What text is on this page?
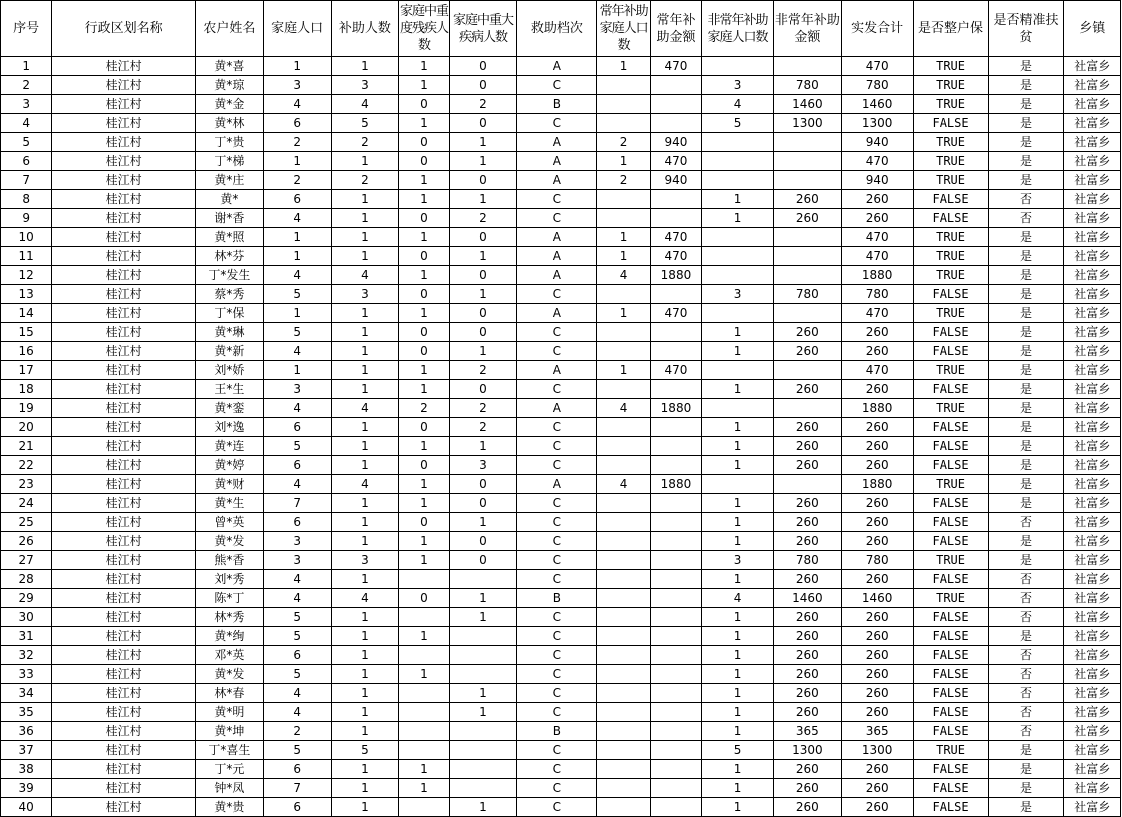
序号	行政区划名称	农户姓名	家庭人口	补助人数	家庭中重度残疾人数	家庭中重大疾病人数	救助档次	常年补助家庭人口数	常年补助金额	非常年补助家庭人口数	非常年补助金额	实发合计	是否整户保	是否精准扶贫	乡镇
1	桂江村	黄*喜	1	1	1	0	A	1	470			470	TRUE	是	社富乡
2	桂江村	黄*琼	3	3	1	0	C			3	780	780	TRUE	是	社富乡
3	桂江村	黄*金	4	4	0	2	B			4	1460	1460	TRUE	是	社富乡
4	桂江村	黄*林	6	5	1	0	C			5	1300	1300	FALSE	是	社富乡
5	桂江村	丁*贵	2	2	0	1	A	2	940			940	TRUE	是	社富乡
6	桂江村	丁*梯	1	1	0	1	A	1	470			470	TRUE	是	社富乡
7	桂江村	黄*庄	2	2	1	0	A	2	940			940	TRUE	是	社富乡
8	桂江村	黄*	6	1	1	1	C			1	260	260	FALSE	否	社富乡
9	桂江村	谢*香	4	1	0	2	C			1	260	260	FALSE	否	社富乡
10	桂江村	黄*照	1	1	1	0	A	1	470			470	TRUE	是	社富乡
11	桂江村	林*芬	1	1	0	1	A	1	470			470	TRUE	是	社富乡
12	桂江村	丁*发生	4	4	1	0	A	4	1880			1880	TRUE	是	社富乡
13	桂江村	蔡*秀	5	3	0	1	C			3	780	780	FALSE	是	社富乡
14	桂江村	丁*保	1	1	1	0	A	1	470			470	TRUE	是	社富乡
15	桂江村	黄*琳	5	1	0	0	C			1	260	260	FALSE	是	社富乡
16	桂江村	黄*新	4	1	0	1	C			1	260	260	FALSE	是	社富乡
17	桂江村	刘*娇	1	1	1	2	A	1	470			470	TRUE	是	社富乡
18	桂江村	王*生	3	1	1	0	C			1	260	260	FALSE	是	社富乡
19	桂江村	黄*銮	4	4	2	2	A	4	1880			1880	TRUE	是	社富乡
20	桂江村	刘*逸	6	1	0	2	C			1	260	260	FALSE	是	社富乡
21	桂江村	黄*连	5	1	1	1	C			1	260	260	FALSE	是	社富乡
22	桂江村	黄*婷	6	1	0	3	C			1	260	260	FALSE	是	社富乡
23	桂江村	黄*财	4	4	1	0	A	4	1880			1880	TRUE	是	社富乡
24	桂江村	黄*生	7	1	1	0	C			1	260	260	FALSE	是	社富乡
25	桂江村	曾*英	6	1	0	1	C			1	260	260	FALSE	否	社富乡
26	桂江村	黄*发	3	1	1	0	C			1	260	260	FALSE	是	社富乡
27	桂江村	熊*香	3	3	1	0	C			3	780	780	TRUE	是	社富乡
28	桂江村	刘*秀	4	1			C			1	260	260	FALSE	否	社富乡
29	桂江村	陈*丁	4	4	0	1	B			4	1460	1460	TRUE	否	社富乡
30	桂江村	林*秀	5	1		1	C			1	260	260	FALSE	否	社富乡
31	桂江村	黄*绚	5	1	1		C			1	260	260	FALSE	是	社富乡
32	桂江村	邓*英	6	1			C			1	260	260	FALSE	否	社富乡
33	桂江村	黄*发	5	1	1		C			1	260	260	FALSE	否	社富乡
34	桂江村	林*春	4	1		1	C			1	260	260	FALSE	否	社富乡
35	桂江村	黄*明	4	1		1	C			1	260	260	FALSE	否	社富乡
36	桂江村	黄*坤	2	1			B			1	365	365	FALSE	否	社富乡
37	桂江村	丁*喜生	5	5			C			5	1300	1300	TRUE	是	社富乡
38	桂江村	丁*元	6	1	1		C			1	260	260	FALSE	是	社富乡
39	桂江村	钟*凤	7	1	1		C			1	260	260	FALSE	是	社富乡
40	桂江村	黄*贵	6	1		1	C			1	260	260	FALSE	是	社富乡
